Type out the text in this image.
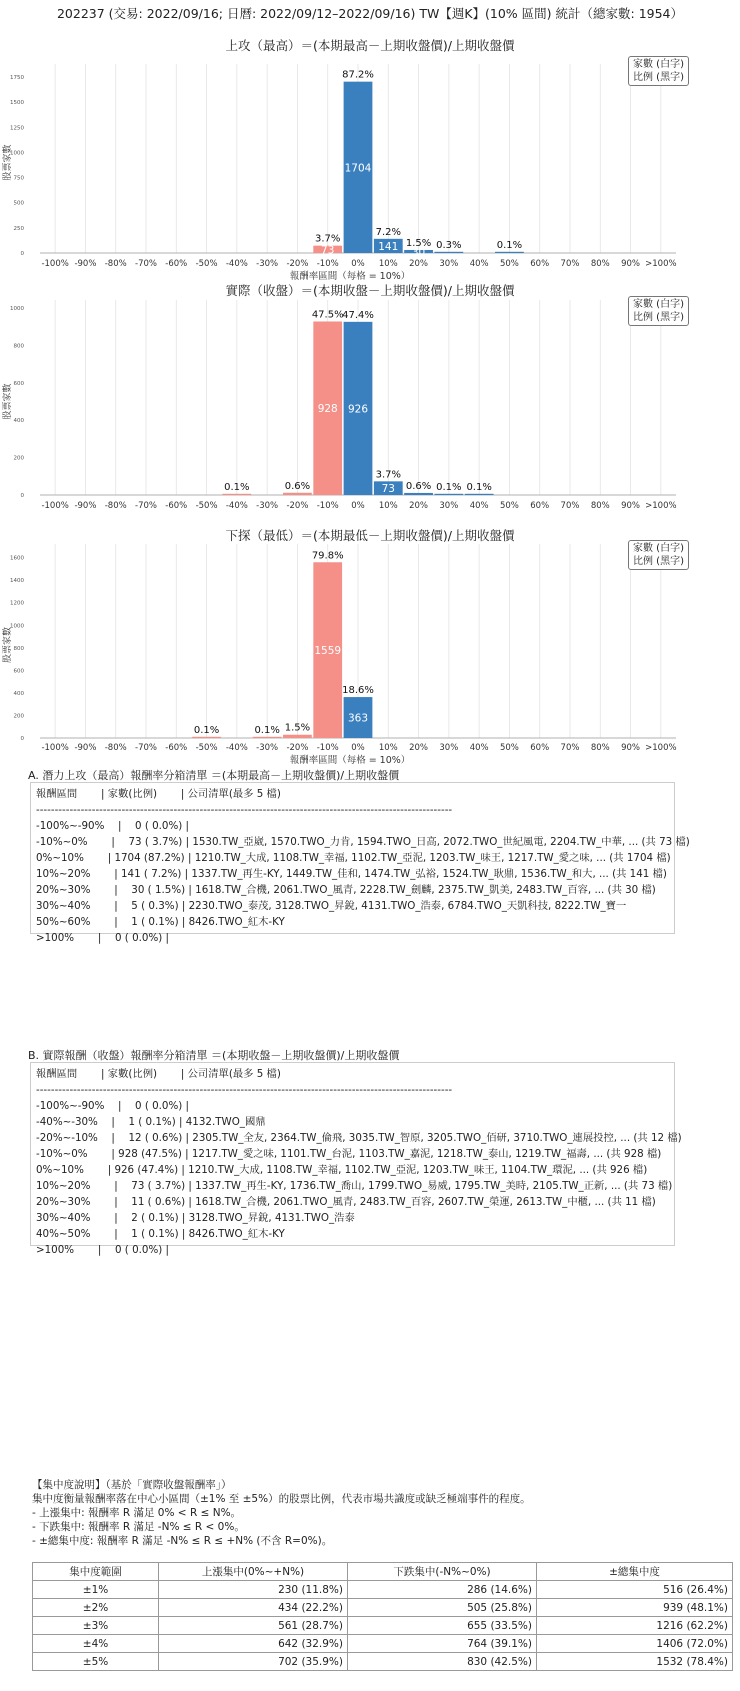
202237 (交易: 2022/09/16; 日曆: 2022/09/12–2022/09/16) TW【週K】(10% 區間) 統計（總家數: 1954）
上攻（最高）＝(本期最高－上期收盤價)/上期收盤價
0
250
500
750
1000
1250
1500
1750
股票家數
-100% -90% -80% -70% -60% -50% -40% -30% -20% -10% 0% 10% 20% 30% 40% 50% 60% 70% 80% 90% >100%
報酬率區間（每格 = 10%）
3.7%
73
87.2%
1704
7.2%
141 1.5%
30
0.3%	0.1%
家數 (白字)
比例 (黑字)
實際（收盤）＝(本期收盤－上期收盤價)/上期收盤價
0
200
400
600
800
1000
股票家數
-100% -90% -80% -70% -60% -50% -40% -30% -20% -10% 0% 10% 20% 30% 40% 50% 60% 70% 80% 90% >100%
0.1%	0.6%
47.5%
928
47.4%
926
3.7%
73 0.6% 0.1% 0.1%
家數 (白字)
比例 (黑字)
下探（最低）＝(本期最低－上期收盤價)/上期收盤價
0
200
400
600
800
1000
1200
1400
1600
股票家數
-100% -90% -80% -70% -60% -50% -40% -30% -20% -10% 0% 10% 20% 30% 40% 50% 60% 70% 80% 90% >100%
報酬率區間（每格 = 10%）
0.1%	0.1% 1.5%
79.8%
1559
18.6%
363
家數 (白字)
比例 (黑字)
A. 潛力上攻（最高）報酬率分箱清單 ＝(本期最高－上期收盤價)/上期收盤價
報酬區間 　　| 家數(比例) 　　| 公司清單(最多 5 檔)
----------------------------------------------------------------------------------------------------------------
-100%~-90% 　| 　0 ( 0.0%) |
-10%~0% 　　| 　73 ( 3.7%) | 1530.TW_亞崴, 1570.TWO_力肯, 1594.TWO_日高, 2072.TWO_世紀風電, 2204.TW_中華, ... (共 73 檔)
0%~10% 　　| 1704 (87.2%) | 1210.TW_大成, 1108.TW_幸福, 1102.TW_亞泥, 1203.TW_味王, 1217.TW_愛之味, ... (共 1704 檔)
10%~20% 　　| 141 ( 7.2%) | 1337.TW_再生-KY, 1449.TW_佳和, 1474.TW_弘裕, 1524.TW_耿鼎, 1536.TW_和大, ... (共 141 檔)
20%~30% 　　| 　30 ( 1.5%) | 1618.TW_合機, 2061.TWO_風青, 2228.TW_劍麟, 2375.TW_凱美, 2483.TW_百容, ... (共 30 檔)
30%~40% 　　| 　5 ( 0.3%) | 2230.TWO_泰茂, 3128.TWO_昇銳, 4131.TWO_浩泰, 6784.TWO_天凱科技, 8222.TW_寶一
50%~60% 　　| 　1 ( 0.1%) | 8426.TWO_紅木-KY
>100% 　　| 　0 ( 0.0%) |
B. 實際報酬（收盤）報酬率分箱清單 ＝(本期收盤－上期收盤價)/上期收盤價
報酬區間 　　| 家數(比例) 　　| 公司清單(最多 5 檔)
----------------------------------------------------------------------------------------------------------------
-100%~-90% 　| 　0 ( 0.0%) |
-40%~-30% 　| 　1 ( 0.1%) | 4132.TWO_國鼎
-20%~-10% 　| 　12 ( 0.6%) | 2305.TW_全友, 2364.TW_倫飛, 3035.TW_智原, 3205.TWO_佰研, 3710.TWO_連展投控, ... (共 12 檔)
-10%~0% 　　| 928 (47.5%) | 1217.TW_愛之味, 1101.TW_台泥, 1103.TW_嘉泥, 1218.TW_泰山, 1219.TW_福壽, ... (共 928 檔)
0%~10% 　　| 926 (47.4%) | 1210.TW_大成, 1108.TW_幸福, 1102.TW_亞泥, 1203.TW_味王, 1104.TW_環泥, ... (共 926 檔)
10%~20% 　　| 　73 ( 3.7%) | 1337.TW_再生-KY, 1736.TW_喬山, 1799.TWO_易威, 1795.TW_美時, 2105.TW_正新, ... (共 73 檔)
20%~30% 　　| 　11 ( 0.6%) | 1618.TW_合機, 2061.TWO_風青, 2483.TW_百容, 2607.TW_榮運, 2613.TW_中櫃, ... (共 11 檔)
30%~40% 　　| 　2 ( 0.1%) | 3128.TWO_昇銳, 4131.TWO_浩泰
40%~50% 　　| 　1 ( 0.1%) | 8426.TWO_紅木-KY
>100% 　　| 　0 ( 0.0%) |
【集中度說明】（基於「實際收盤報酬率」）
集中度衡量報酬率落在中心小區間（±1% 至 ±5%）的股票比例，代表市場共識度或缺乏極端事件的程度。
- 上漲集中: 報酬率 R 滿足 0% < R ≤ N%。
- 下跌集中: 報酬率 R 滿足 -N% ≤ R < 0%。
- ±總集中度: 報酬率 R 滿足 -N% ≤ R ≤ +N% (不含 R=0%)。
集中度範圍	上漲集中(0%~+N%)	下跌集中(-N%~0%)	±總集中度
±1%	230 (11.8%)	286 (14.6%)	516 (26.4%)
±2%	434 (22.2%)	505 (25.8%)	939 (48.1%)
±3%	561 (28.7%)	655 (33.5%)	1216 (62.2%)
±4%	642 (32.9%)	764 (39.1%)	1406 (72.0%)
±5%	702 (35.9%)	830 (42.5%)	1532 (78.4%)
